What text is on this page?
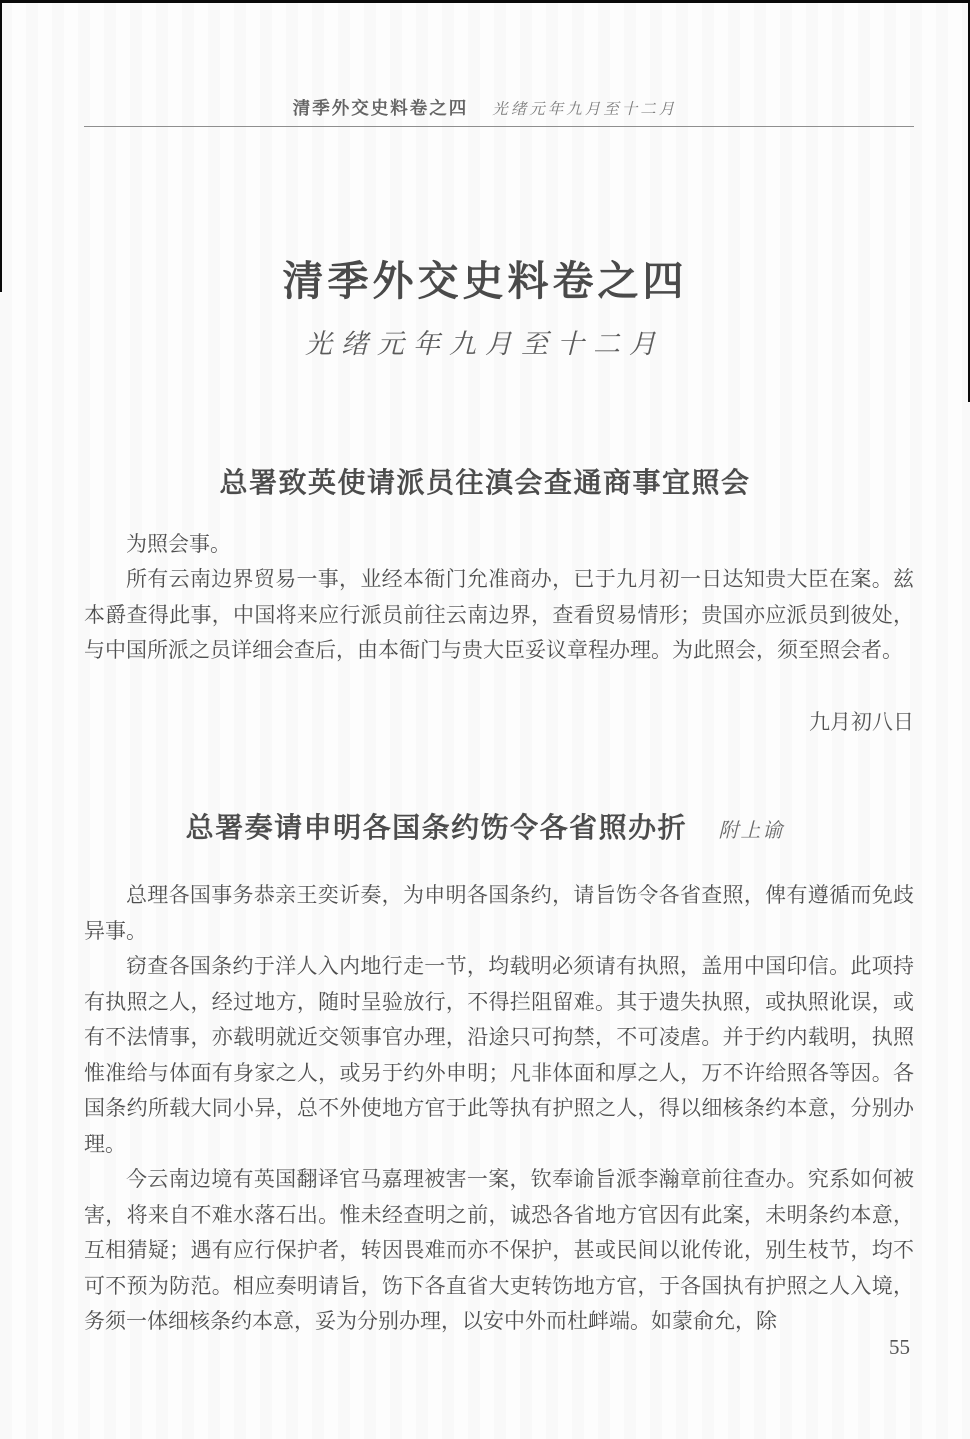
清季外交史料卷之四 光绪元年九月至十二月
清季外交史料卷之四
光绪元年九月至十二月
总署致英使请派员往滇会查通商事宜照会

为照会事。

所有云南边界贸易一事，业经本衙门允准商办，已于九月初一日达知贵大臣在案。兹本爵查得此事，中国将来应行派员前往云南边界，查看贸易情形；贵国亦应派员到彼处，与中国所派之员详细会查后，由本衙门与贵大臣妥议章程办理。为此照会，须至照会者。

九月初八日

总署奏请申明各国条约饬令各省照办折 附上谕

总理各国事务恭亲王奕䜣奏，为申明各国条约，请旨饬令各省查照，俾有遵循而免歧异事。

窃查各国条约于洋人入内地行走一节，均载明必须请有执照，盖用中国印信。此项持有执照之人，经过地方，随时呈验放行，不得拦阻留难。其于遗失执照，或执照讹误，或有不法情事，亦载明就近交领事官办理，沿途只可拘禁，不可凌虐。并于约内载明，执照惟准给与体面有身家之人，或另于约外申明；凡非体面和厚之人，万不许给照各等因。各国条约所载大同小异，总不外使地方官于此等执有护照之人，得以细核条约本意，分别办理。

今云南边境有英国翻译官马嘉理被害一案，钦奉谕旨派李瀚章前往查办。究系如何被害，将来自不难水落石出。惟未经查明之前，诚恐各省地方官因有此案，未明条约本意，互相猜疑；遇有应行保护者，转因畏难而亦不保护，甚或民间以讹传讹，别生枝节，均不可不预为防范。相应奏明请旨，饬下各直省大吏转饬地方官，于各国执有护照之人入境，务须一体细核条约本意，妥为分别办理，以安中外而杜衅端。如蒙俞允，除

55
